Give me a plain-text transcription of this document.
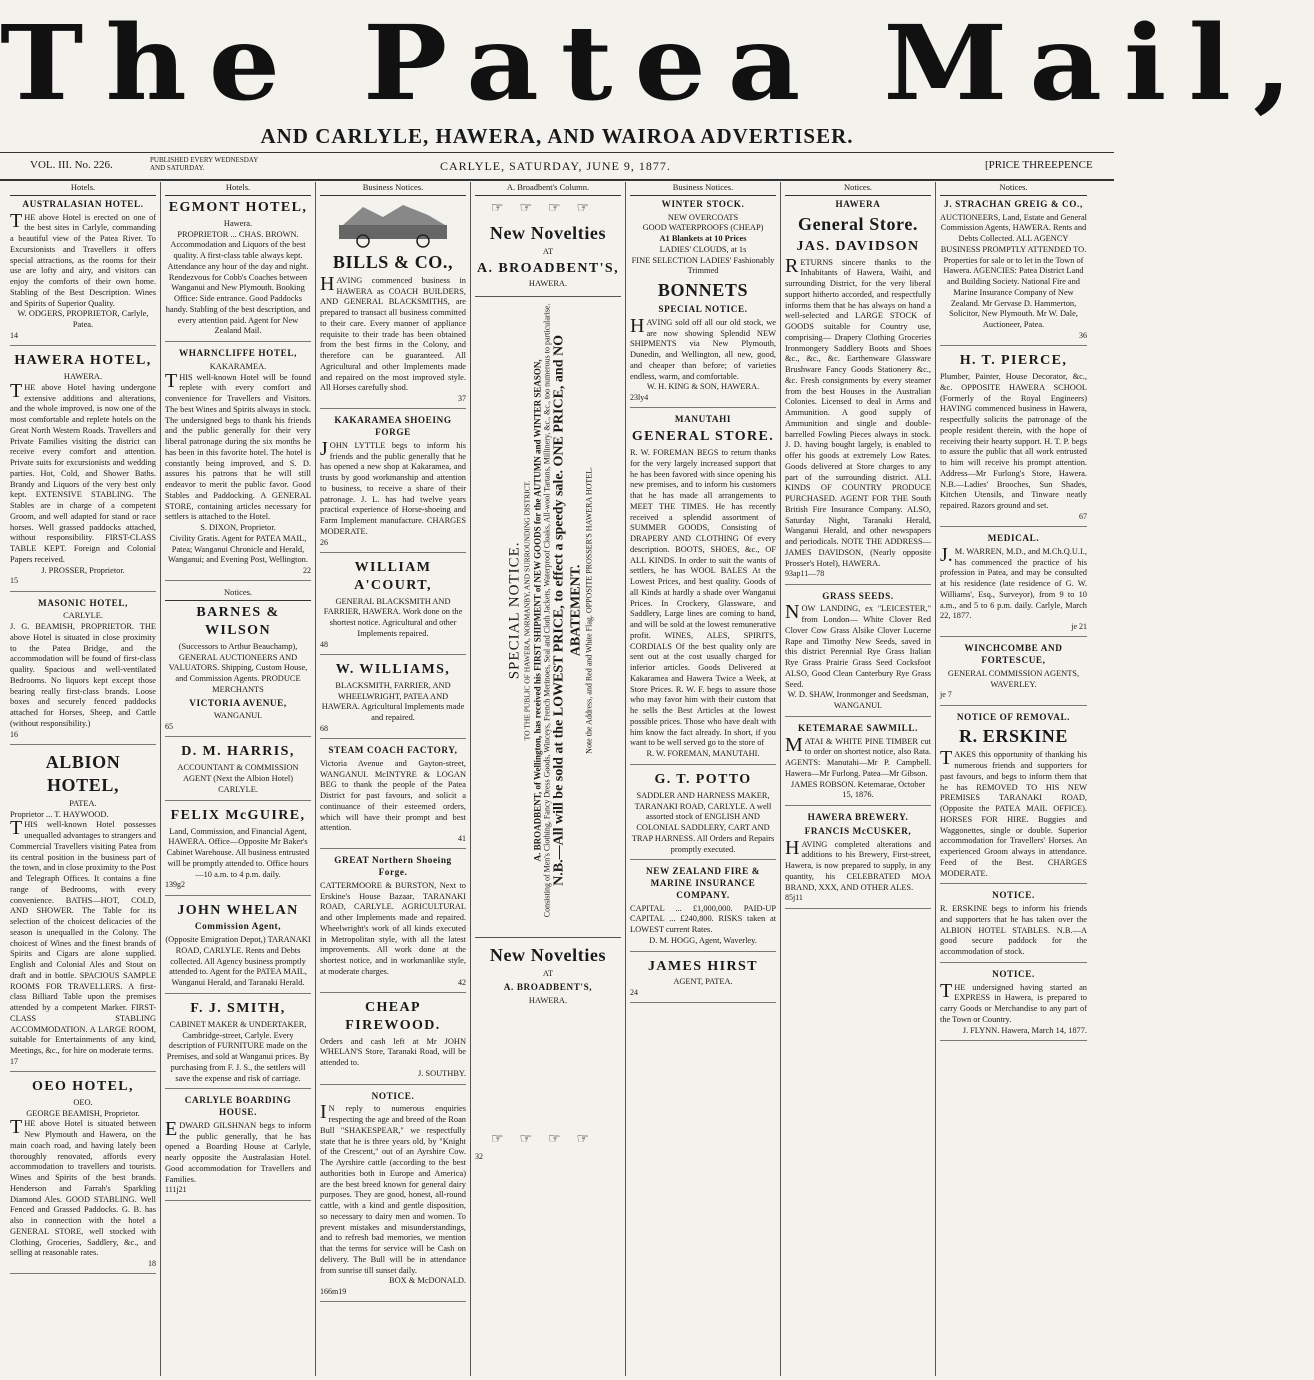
The Patea Mail,
AND CARLYLE, HAWERA, AND WAIROA ADVERTISER.
VOL. III. No. 226.	PUBLISHED EVERY WEDNESDAY AND SATURDAY.	CARLYLE, SATURDAY, JUNE 9, 1877.	[PRICE THREEPENCE
Hotels.
AUSTRALASIAN HOTEL.
THE above Hotel is erected on one of the best sites in Carlyle, commanding a beautiful view of the Patea River. To Excursionists and Travellers it offers special attractions, as the rooms for their use are lofty and airy, and visitors can enjoy the comforts of their own home. Stabling of the Best Description. Wines and Spirits of Superior Quality.
W. ODGERS, PROPRIETOR, Carlyle, Patea.
14
HAWERA HOTEL,
HAWERA.
THE above Hotel having undergone extensive additions and alterations, and the whole improved, is now one of the most comfortable and replete hotels on the Great North Western Roads. Travellers and Private Families visiting the district can receive every comfort and attention. Private suits for excursionists and wedding parties. Hot, Cold, and Shower Baths. Brandy and Liquors of the very best only kept. EXTENSIVE STABLING. The Stables are in charge of a competent Groom, and well adapted for stand or race horses. Well grassed paddocks attached, without responsibility. FIRST-CLASS TABLE KEPT. Foreign and Colonial Papers received.
J. PROSSER, Proprietor.
15
MASONIC HOTEL,
CARLYLE.
J. G. BEAMISH, PROPRIETOR. THE above Hotel is situated in close proximity to the Patea Bridge, and the accommodation will be found of first-class quality. Spacious and well-ventilated Bedrooms. No liquors kept except those bearing really first-class brands. Loose boxes and securely fenced paddocks attached for Horses, Sheep, and Cattle (without responsibility.)
16
ALBION HOTEL,
PATEA.
Proprietor ... T. HAYWOOD.
THIS well-known Hotel possesses unequalled advantages to strangers and Commercial Travellers visiting Patea from its central position in the business part of the town, and in close proximity to the Post and Telegraph Offices. It contains a fine range of Bedrooms, with every convenience. BATHS—HOT, COLD, AND SHOWER. The Table for its selection of the choicest delicacies of the season is unequalled in the Colony. The choicest of Wines and the finest brands of Spirits and Cigars are alone supplied. English and Colonial Ales and Stout on draft and in bottle. SPACIOUS SAMPLE ROOMS FOR TRAVELLERS. A first-class Billiard Table upon the premises attended by a competent Marker. FIRST-CLASS STABLING ACCOMMODATION. A LARGE ROOM, suitable for Entertainments of any kind, Meetings, &c., for hire on moderate terms.
17
OEO HOTEL,
OEO.
GEORGE BEAMISH, Proprietor.
THE above Hotel is situated between New Plymouth and Hawera, on the main coach road, and having lately been thoroughly renovated, affords every accommodation to travellers and tourists. Wines and Spirits of the best brands. Henderson and Farrah's Sparkling Diamond Ales. GOOD STABLING. Well Fenced and Grassed Paddocks. G. B. has also in connection with the hotel a GENERAL STORE, well stocked with Clothing, Groceries, Saddlery, &c., and selling at reasonable rates.
18
Hotels.
EGMONT HOTEL,
Hawera.
PROPRIETOR ... CHAS. BROWN.
Accommodation and Liquors of the best quality. A first-class table always kept. Attendance any hour of the day and night. Rendezvous for Cobb's Coaches between Wanganui and New Plymouth. Booking Office: Side entrance. Good Paddocks handy. Stabling of the best description, and every attention paid. Agent for New Zealand Mail.
WHARNCLIFFE HOTEL,
KAKARAMEA.
THIS well-known Hotel will be found replete with every comfort and convenience for Travellers and Visitors. The best Wines and Spirits always in stock. The undersigned begs to thank his friends and the public generally for their very liberal patronage during the six months he has been in this favorite hotel. The hotel is constantly being improved, and S. D. assures his patrons that he will still endeavor to merit the public favor. Good Stables and Paddocking. A GENERAL STORE, containing articles necessary for settlers is attached to the Hotel.
S. DIXON, Proprietor.
Civility Gratis. Agent for PATEA MAIL, Patea; Wanganui Chronicle and Herald, Wanganui; and Evening Post, Wellington.
22
Notices.
BARNES & WILSON
(Successors to Arthur Beauchamp), GENERAL AUCTIONEERS AND VALUATORS. Shipping, Custom House, and Commission Agents. PRODUCE MERCHANTS
VICTORIA AVENUE,
WANGANUI.
65
D. M. HARRIS,
ACCOUNTANT & COMMISSION AGENT (Next the Albion Hotel) CARLYLE.
FELIX McGUIRE,
Land, Commission, and Financial Agent, HAWERA. Office—Opposite Mr Baker's Cabinet Warehouse. All business entrusted will be promptly attended to. Office hours—10 a.m. to 4 p.m. daily.
139g2
JOHN WHELAN
Commission Agent,
(Opposite Emigration Depot,) TARANAKI ROAD, CARLYLE. Rents and Debts collected. All Agency business promptly attended to. Agent for the PATEA MAIL, Wanganui Herald, and Taranaki Herald.
F. J. SMITH,
CABINET MAKER & UNDERTAKER, Cambridge-street, Carlyle. Every description of FURNITURE made on the Premises, and sold at Wanganui prices. By purchasing from F. J. S., the settlers will save the expense and risk of carriage.
CARLYLE BOARDING HOUSE.
EDWARD GILSHNAN begs to inform the public generally, that he has opened a Boarding House at Carlyle, nearly opposite the Australasian Hotel. Good accommodation for Travellers and Families.
111j21
Business Notices.
BILLS & CO.,
HAVING commenced business in HAWERA as COACH BUILDERS, AND GENERAL BLACKSMITHS, are prepared to transact all business committed to their care. Every manner of appliance requisite to their trade has been obtained from the best firms in the Colony, and therefore can be guaranteed. All Agricultural and other Implements made and repaired on the most improved style. All Horses carefully shod.
37
KAKARAMEA SHOEING FORGE
JOHN LYTTLE begs to inform his friends and the public generally that he has opened a new shop at Kakaramea, and trusts by good workmanship and attention to business, to receive a share of their patronage. J. L. has had twelve years practical experience of Horse-shoeing and Farm Implement manufacture. CHARGES MODERATE.
26
WILLIAM A'COURT,
GENERAL BLACKSMITH AND FARRIER, HAWERA. Work done on the shortest notice. Agricultural and other Implements repaired.
48
W. WILLIAMS,
BLACKSMITH, FARRIER, AND WHEELWRIGHT, PATEA AND HAWERA. Agricultural Implements made and repaired.
68
STEAM COACH FACTORY,
Victoria Avenue and Gayton-street, WANGANUI. McINTYRE & LOGAN BEG to thank the people of the Patea District for past favours, and solicit a continuance of their esteemed orders, which will have their prompt and best attention.
41
GREAT Northern Shoeing Forge.
CATTERMOORE & BURSTON, Next to Erskine's House Bazaar, TARANAKI ROAD, CARLYLE. AGRICULTURAL and other Implements made and repaired. Wheelwright's work of all kinds executed in Metropolitan style, with all the latest improvements. All work done at the shortest notice, and in workmanlike style, at moderate charges.
42
CHEAP FIREWOOD.
Orders and cash left at Mr JOHN WHELAN'S Store, Taranaki Road, will be attended to.
J. SOUTHBY.
NOTICE.
IN reply to numerous enquiries respecting the age and breed of the Roan Bull "SHAKESPEAR," we respectfully state that he is three years old, by "Knight of the Crescent," out of an Ayrshire Cow. The Ayrshire cattle (according to the best authorities both in Europe and America) are the best breed known for general dairy purposes. They are good, honest, all-round cattle, with a kind and gentle disposition, so necessary to dairy men and women. To prevent mistakes and misunderstandings, and to refresh bad memories, we mention that the terms for service will be Cash on delivery. The Bull will be in attendance from sunrise till sunset daily.
BOX & McDONALD.
166m19
A. Broadbent's Column.
☞☞☞☞
New Novelties
AT
A. BROADBENT'S,
HAWERA.
SPECIAL NOTICE. TO THE PUBLIC OF HAWERA, NORMANBY, AND SURROUNDING DISTRICT. A. BROADBENT, of Wellington, has received his FIRST SHIPMENT of NEW GOODS for the AUTUMN and WINTER SEASON, Consisting of Men's Clothing, Fancy Dress Goods, Winceys, French Merinoes, Seal and Cloth Jackets, Waterproof Cloaks, All-wool Tartans, Millinery, &c., &c., too numerous to particularise. N.B.—All will be sold at the LOWEST PRICE, to effect a speedy sale. ONE PRICE, and NO ABATEMENT. Note the Address, and Red and White Flag. OPPOSITE PROSSER'S HAWERA HOTEL.
New Novelties
AT
A. BROADBENT'S,
HAWERA.
☞☞☞☞
32
Business Notices.
WINTER STOCK.
NEW OVERCOATS
GOOD WATERPROOFS (CHEAP)
A1 Blankets at 10 Prices
LADIES' CLOUDS, at 1s
FINE SELECTION LADIES' Fashionably Trimmed
BONNETS
SPECIAL NOTICE.
HAVING sold off all our old stock, we are now showing Splendid NEW SHIPMENTS via New Plymouth, Dunedin, and Wellington, all new, good, and cheaper than before; of varieties endless, warm, and comfortable.
W. H. KING & SON, HAWERA.
23ly4
MANUTAHI
GENERAL STORE.
R. W. FOREMAN BEGS to return thanks for the very largely increased support that he has been favored with since opening his new premises, and to inform his customers that he has made all arrangements to MEET THE TIMES. He has recently received a splendid assortment of SUMMER GOODS, Consisting of DRAPERY AND CLOTHING Of every description. BOOTS, SHOES, &c., OF ALL KINDS. In order to suit the wants of settlers, he has WOOL BALES At the Lowest Prices, and best quality. Goods of all Kinds at hardly a shade over Wanganui Prices. In Crockery, Glassware, and Saddlery, Large lines are coming to hand, and will be sold at the lowest remunerative profit. WINES, ALES, SPIRITS, CORDIALS Of the best quality only are sent out at the cost usually charged for inferior articles. Goods Delivered at Kakaramea and Hawera Twice a Week, at Store Prices. R. W. F. begs to assure those who may favor him with their custom that he sells the Best Articles at the lowest possible prices. Those who have dealt with him know the fact already. In short, if you want to be well served go to the store of
R. W. FOREMAN, MANUTAHI.
G. T. POTTO
SADDLER AND HARNESS MAKER, TARANAKI ROAD, CARLYLE. A well assorted stock of ENGLISH AND COLONIAL SADDLERY, CART AND TRAP HARNESS. All Orders and Repairs promptly executed.
NEW ZEALAND FIRE & MARINE INSURANCE COMPANY.
CAPITAL ... £1,000,000. PAID-UP CAPITAL ... £240,800. RISKS taken at LOWEST current Rates.
D. M. HOGG, Agent, Waverley.
JAMES HIRST
AGENT, PATEA.
24
Notices.
HAWERA
General Store.
JAS. DAVIDSON
RETURNS sincere thanks to the Inhabitants of Hawera, Waihi, and surrounding District, for the very liberal support hitherto accorded, and respectfully informs them that he has always on hand a well-selected and LARGE STOCK of GOODS suitable for Country use, comprising— Drapery Clothing Groceries Ironmongery Saddlery Boots and Shoes &c., &c., &c. Earthenware Glassware Brushware Fancy Goods Stationery &c., &c. Fresh consignments by every steamer from the best Houses in the Australian Colonies. Licensed to deal in Arms and Ammunition. A good supply of Ammunition and single and double-barrelled Fowling Pieces always in stock. J. D. having bought largely, is enabled to offer his goods at extremely Low Rates. Goods delivered at Store charges to any part of the surrounding district. ALL KINDS OF COUNTRY PRODUCE PURCHASED. AGENT FOR THE South British Fire Insurance Company. ALSO, Saturday Night, Taranaki Herald, Wanganui Herald, and other newspapers and periodicals. NOTE THE ADDRESS— JAMES DAVIDSON, (Nearly opposite Prosser's Hotel), HAWERA.
93ap11—78
GRASS SEEDS.
NOW LANDING, ex "LEICESTER," from London— White Clover Red Clover Cow Grass Alsike Clover Lucerne Rape and Timothy New Seeds, saved in this district Perennial Rye Grass Italian Rye Grass Prairie Grass Seed Cocksfoot ALSO, Good Clean Canterbury Rye Grass Seed.
W. D. SHAW, Ironmonger and Seedsman, WANGANUI.
KETEMARAE SAWMILL.
MATAI & WHITE PINE TIMBER cut to order on shortest notice, also Rata. AGENTS: Manutahi—Mr P. Campbell. Hawera—Mr Furlong. Patea—Mr Gibson.
JAMES ROBSON. Ketemarae, October 15, 1876.
HAWERA BREWERY.
FRANCIS McCUSKER,
HAVING completed alterations and additions to his Brewery, First-street, Hawera, is now prepared to supply, in any quantity, his CELEBRATED MOA BRAND, XXX, AND OTHER ALES.
85j11
Notices.
J. STRACHAN GREIG & CO.,
AUCTIONEERS, Land, Estate and General Commission Agents, HAWERA. Rents and Debts Collected. ALL AGENCY BUSINESS PROMPTLY ATTENDED TO. Properties for sale or to let in the Town of Hawera. AGENCIES: Patea District Land and Building Society. National Fire and Marine Insurance Company of New Zealand. Mr Gervase D. Hammerton, Solicitor, New Plymouth. Mr W. Dale, Auctioneer, Patea.
36
H. T. PIERCE,
Plumber, Painter, House Decorator, &c., &c. OPPOSITE HAWERA SCHOOL (Formerly of the Royal Engineers) HAVING commenced business in Hawera, respectfully solicits the patronage of the people resident therein, with the hope of receiving their hearty support. H. T. P. begs to assure the public that all work entrusted to him will receive his prompt attention. Address—Mr Furlong's Store, Hawera. N.B.—Ladies' Brooches, Sun Shades, Kitchen Utensils, and Tinware neatly repaired. Razors ground and set.
67
MEDICAL.
J.M. WARREN, M.D., and M.Ch.Q.U.I., has commenced the practice of his profession in Patea, and may be consulted at his residence (late residence of G. W. Williams', Esq., Surveyor), from 9 to 10 a.m., and 5 to 6 p.m. daily. Carlyle, March 22, 1877.
je 21
WINCHCOMBE AND FORTESCUE,
GENERAL COMMISSION AGENTS, WAVERLEY.
je 7
NOTICE OF REMOVAL.
R. ERSKINE
TAKES this opportunity of thanking his numerous friends and supporters for past favours, and begs to inform them that he has REMOVED TO HIS NEW PREMISES TARANAKI ROAD, (Opposite the PATEA MAIL OFFICE). HORSES FOR HIRE. Buggies and Waggonettes, single or double. Superior accommodation for Travellers' Horses. An experienced Groom always in attendance. Feed of the Best. CHARGES MODERATE.
NOTICE.
R. ERSKINE begs to inform his friends and supporters that he has taken over the ALBION HOTEL STABLES. N.B.—A good secure paddock for the accommodation of stock.
NOTICE.
THE undersigned having started an EXPRESS in Hawera, is prepared to carry Goods or Merchandise to any part of the Town or Country.
J. FLYNN. Hawera, March 14, 1877.
